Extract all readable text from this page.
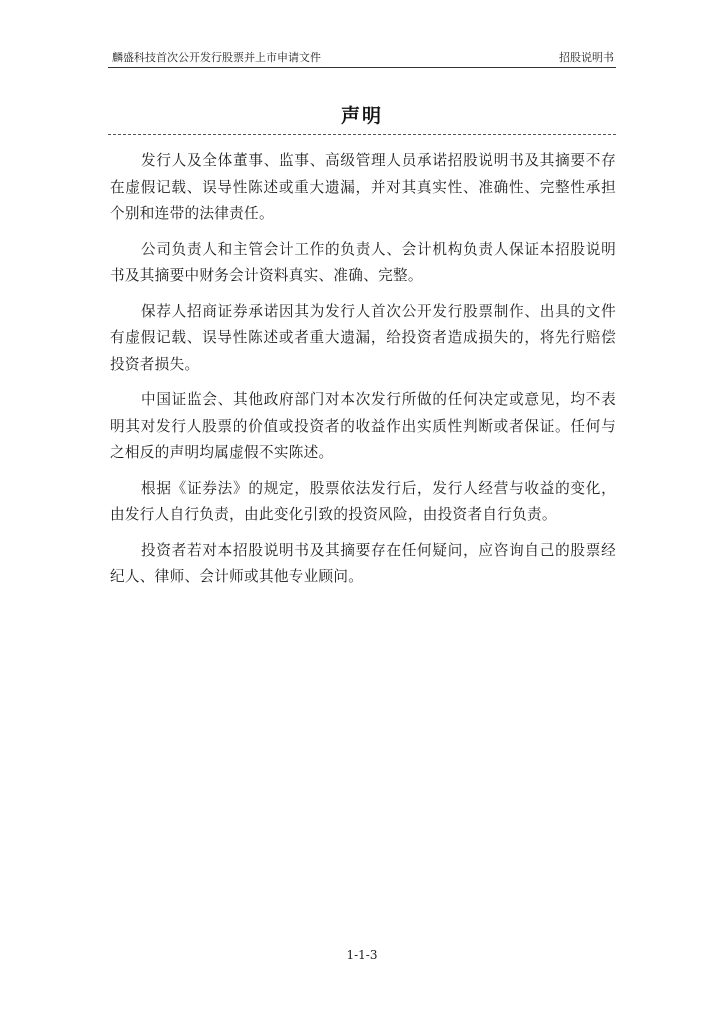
麟盛科技首次公开发行股票并上市申请文件	招股说明书
声明

发行人及全体董事、监事、高级管理人员承诺招股说明书及其摘要不存在虚假记载、误导性陈述或重大遗漏，并对其真实性、准确性、完整性承担个别和连带的法律责任。

公司负责人和主管会计工作的负责人、会计机构负责人保证本招股说明书及其摘要中财务会计资料真实、准确、完整。

保荐人招商证券承诺因其为发行人首次公开发行股票制作、出具的文件有虚假记载、误导性陈述或者重大遗漏，给投资者造成损失的，将先行赔偿投资者损失。

中国证监会、其他政府部门对本次发行所做的任何决定或意见，均不表明其对发行人股票的价值或投资者的收益作出实质性判断或者保证。任何与之相反的声明均属虚假不实陈述。

根据《证券法》的规定，股票依法发行后，发行人经营与收益的变化，由发行人自行负责，由此变化引致的投资风险，由投资者自行负责。

投资者若对本招股说明书及其摘要存在任何疑问，应咨询自己的股票经纪人、律师、会计师或其他专业顾问。

1-1-3
